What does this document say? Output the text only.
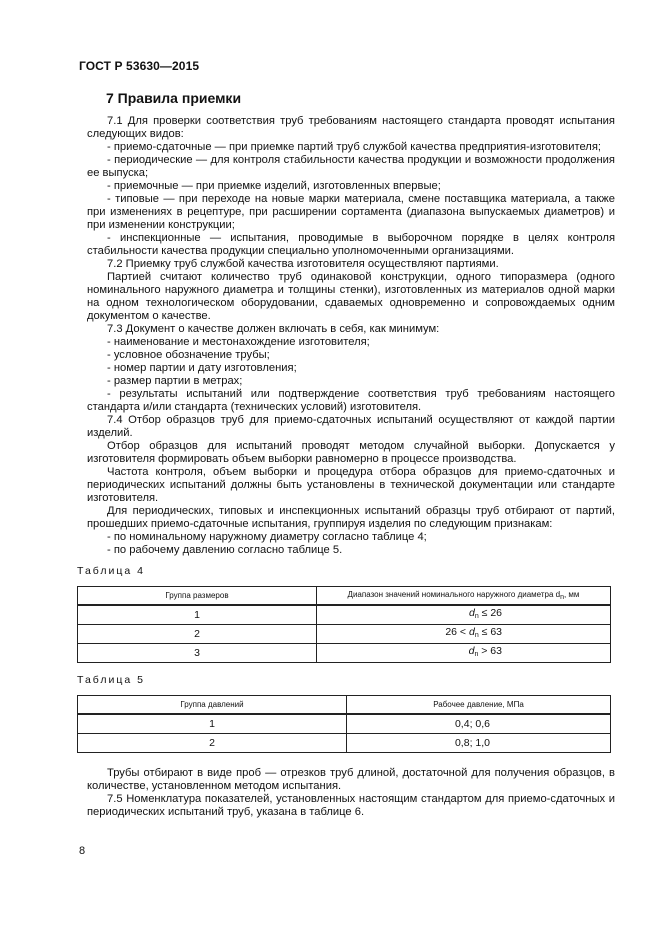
ГОСТ Р 53630—2015
7 Правила приемки

7.1 Для проверки соответствия труб требованиям настоящего стандарта проводят испытания следующих видов:

- приемо-сдаточные — при приемке партий труб службой качества предприятия-изготовителя;

- периодические — для контроля стабильности качества продукции и возможности продолжения ее выпуска;

- приемочные — при приемке изделий, изготовленных впервые;

- типовые — при переходе на новые марки материала, смене поставщика материала, а также при изменениях в рецептуре, при расширении сортамента (диапазона выпускаемых диаметров) и при изменении конструкции;

- инспекционные — испытания, проводимые в выборочном порядке в целях контроля стабильности качества продукции специально уполномоченными организациями.

7.2 Приемку труб службой качества изготовителя осуществляют партиями.

Партией считают количество труб одинаковой конструкции, одного типоразмера (одного номинального наружного диаметра и толщины стенки), изготовленных из материалов одной марки на одном технологическом оборудовании, сдаваемых одновременно и сопровождаемых одним документом о качестве.

7.3 Документ о качестве должен включать в себя, как минимум:

- наименование и местонахождение изготовителя;

- условное обозначение трубы;

- номер партии и дату изготовления;

- размер партии в метрах;

- результаты испытаний или подтверждение соответствия труб требованиям настоящего стандарта и/или стандарта (технических условий) изготовителя.

7.4 Отбор образцов труб для приемо-сдаточных испытаний осуществляют от каждой партии изделий.

Отбор образцов для испытаний проводят методом случайной выборки. Допускается у изготовителя формировать объем выборки равномерно в процессе производства.

Частота контроля, объем выборки и процедура отбора образцов для приемо-сдаточных и периодических испытаний должны быть установлены в технической документации или стандарте изготовителя.

Для периодических, типовых и инспекционных испытаний образцы труб отбирают от партий, прошедших приемо-сдаточные испытания, группируя изделия по следующим признакам:

- по номинальному наружному диаметру согласно таблице 4;

- по рабочему давлению согласно таблице 5.

Таблица 4

Группа размеров	Диапазон значений номинального наружного диаметра dn, мм
1	$d_n \le 26$
2	$26 < d_n \le 63$
3	$d_n > 63$

Таблица 5

Группа давлений	Рабочее давление, МПа
1	0,4; 0,6
2	0,8; 1,0

Трубы отбирают в виде проб — отрезков труб длиной, достаточной для получения образцов, в количестве, установленном методом испытания.

7.5 Номенклатура показателей, установленных настоящим стандартом для приемо-сдаточных и периодических испытаний труб, указана в таблице 6.

8
